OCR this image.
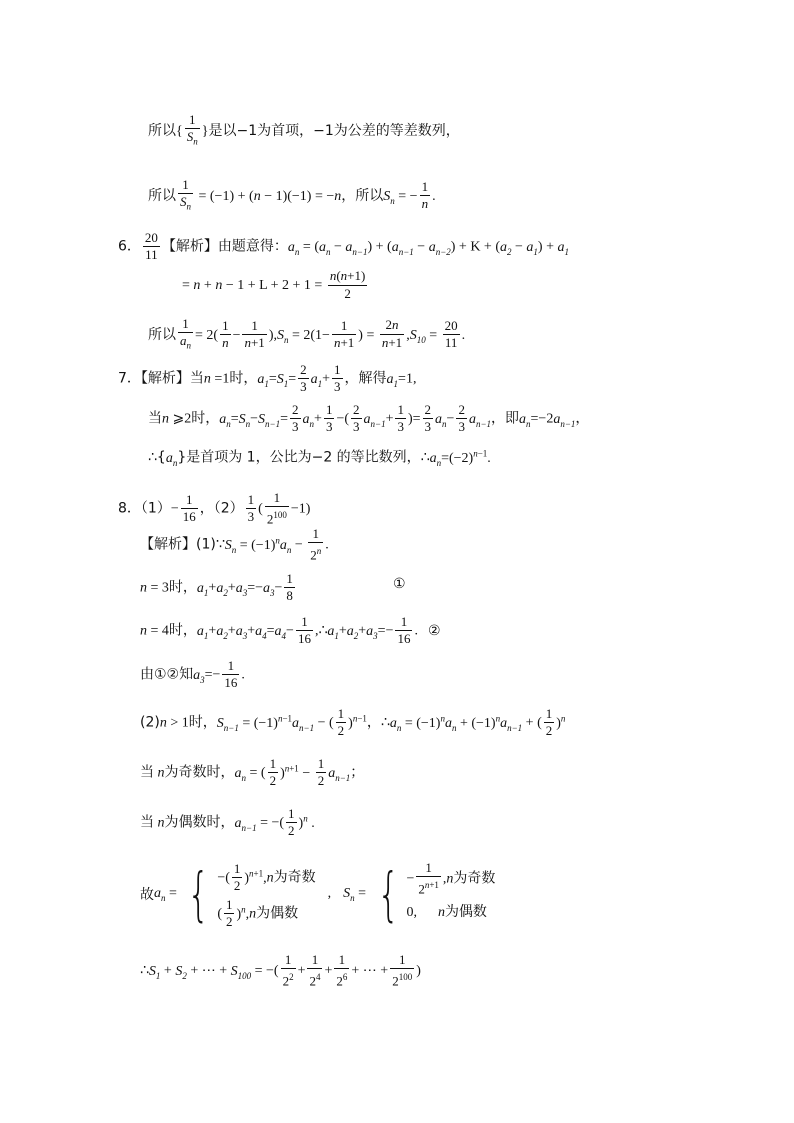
所以{ $\frac{1}{S_n}$ }是以−1为首项，−1为公差的等差数列，
所以 $\frac{1}{S_n} = (-1) + (n - 1)(-1) = -n$，所以$S_n$ = − $\frac{1}{n}$ .
6． $\frac{20}{11}$ 【解析】由题意得：$a_n = (a_n - a_{n-1}) + (a_{n-1} - a_{n-2}) + K + (a_2 - a_1) + a_1$
= $n + n - 1 + L + 2 + 1 = \frac{n(n+1)}{2}$
所以 $\frac{1}{a_n} = 2( \frac{1}{n} - \frac{1}{n+1} ),S_n = 2(1- \frac{1}{n+1}$ ) = $\frac{2n}{n+1} ,S_{10} = \frac{20}{11}$ .
7．【解析】当n =1时，$a_1=S_1= \frac{2}{3} a_1+ \frac{1}{3}$ ，解得$a_1=1$,
当n ⩾2时，$a_n=S_n-S_{n-1}= \frac{2}{3} a_n+ \frac{1}{3}$ −( $\frac{2}{3} a_{n-1}+ \frac{1}{3}$ )= $\frac{2}{3} a_n- \frac{2}{3} a_{n-1}$，即$a_n=-2a_{n-1}$，
$\therefore\{a_n\}$是首项为 1，公比为−2 的等比数列，$\therefore a_n=(-2)^{n-1}$.
8．$(1)- \frac{1}{16}$ ，$(2) \frac{1}{3}$ ( $\frac{1}{2^{100}} -1$)
【解析】$(1)\because S_n = (-1)^na_n - \frac{1}{2^n}$ .
n = 3时，$a_1+a_2+a_3=-a_3- \frac{1}{8}$	①
n = 4时，$a_1+a_2+a_3+a_4=a_4- \frac{1}{16}$ $,\therefore a_1+a_2+a_3=- \frac{1}{16}$ . ②
由①②知$a_3=- \frac{1}{16}$ .
(2)n > 1时，$S_{n-1} = (-1)^{n-1}a_{n-1}$ − ( $\frac{1}{2} )^{n-1}$，$\therefore a_n = (-1)^na_n + (-1)^na_{n-1}$ + ( $\frac{1}{2} )^n$
当 n为奇数时，$a_n$ = ( $\frac{1}{2} )^{n+1} - \frac{1}{2} a_{n-1}$；
当 n为偶数时，$a_{n-1}$ = −( $\frac{1}{2} )^n$ .
故$a_n$ = { −( $\frac{1}{2} )^{n+1},n$为奇数
( $\frac{1}{2} )^n,n$为偶数
, $S_n$ = { − $\frac{1}{2^{n+1}} ,n$为奇数
0,      n为偶数
$\therefore S_1 + S_2$ + ⋯ + $S_{100}$ = −( $\frac{1}{2^2} + \frac{1}{2^4} + \frac{1}{2^6}$ + ⋯ + $\frac{1}{2^{100}}$ )
